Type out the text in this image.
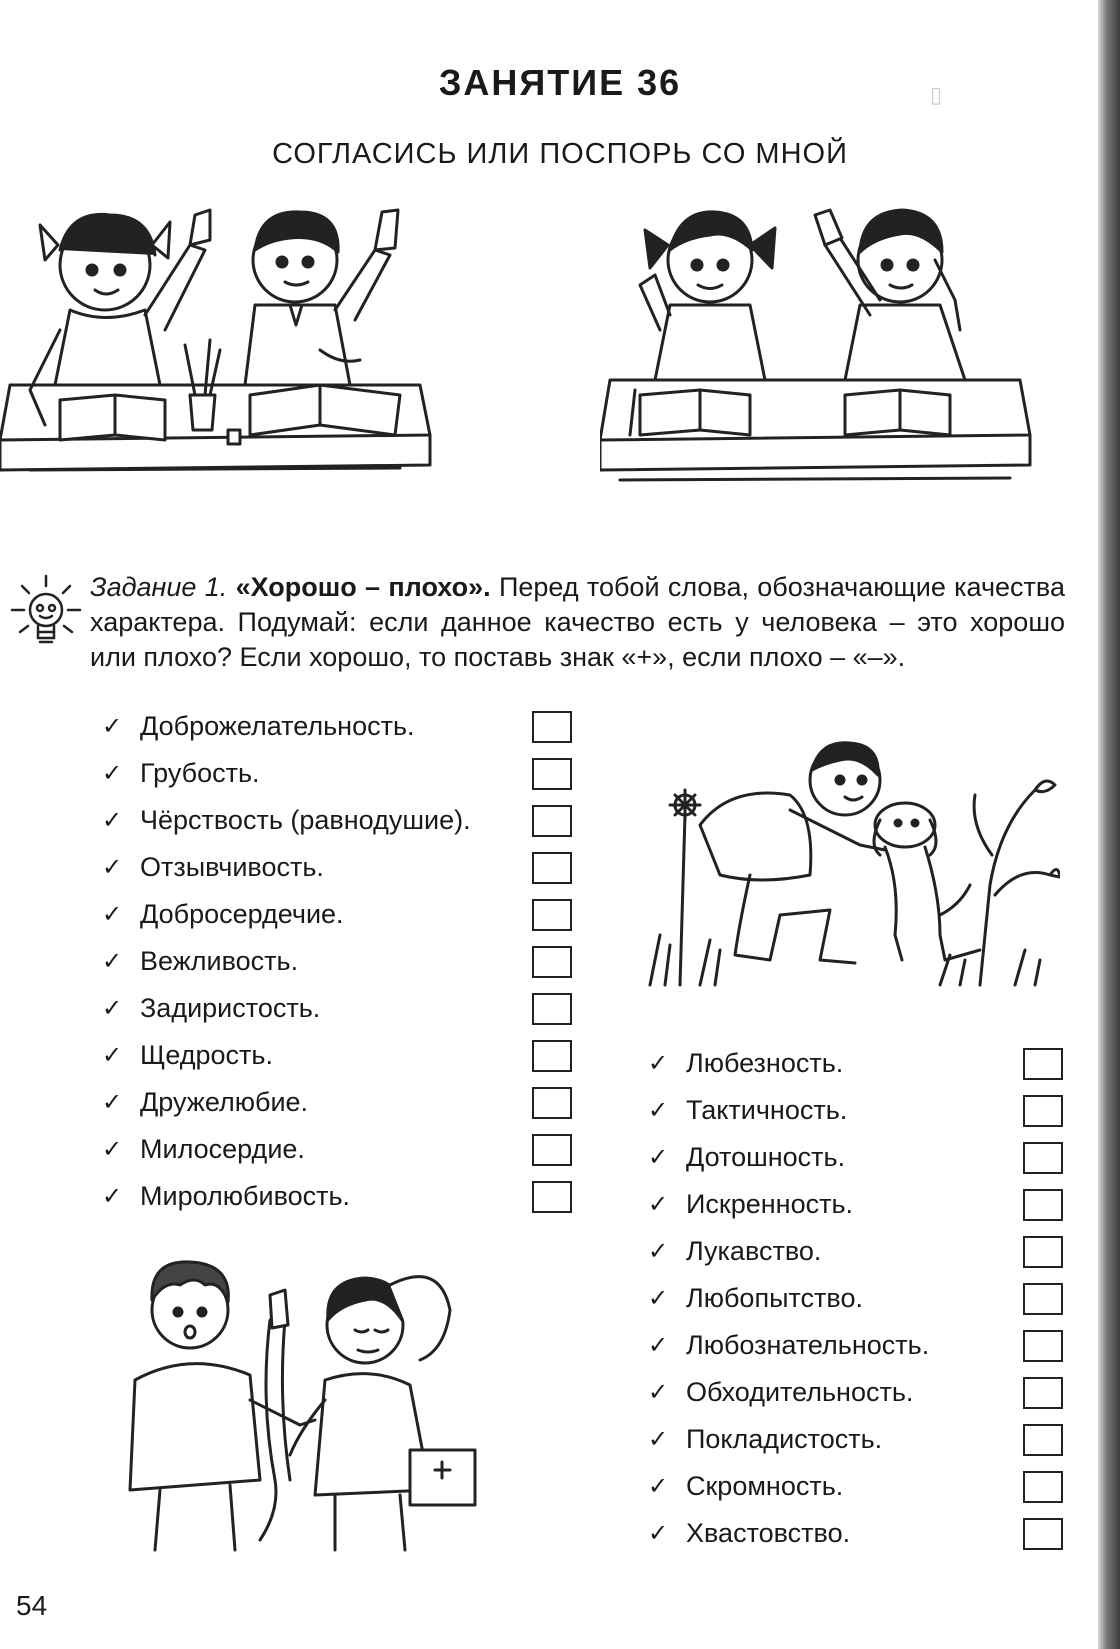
▯
ЗАНЯТИЕ 36
СОГЛАСИСЬ ИЛИ ПОСПОРЬ СО МНОЙ
Задание 1. «Хорошо – плохо». Перед тобой слова, обозначающие качества характера. Подумай: если данное качество есть у человека – это хорошо или плохо? Если хорошо, то поставь знак «+», если плохо – «–».
✓ Доброжелательность.
✓ Грубость.
✓ Чёрствость (равнодушие).
✓ Отзывчивость.
✓ Добросердечие.
✓ Вежливость.
✓ Задиристость.
✓ Щедрость.
✓ Дружелюбие.
✓ Милосердие.
✓ Миролюбивость.
✓ Любезность.
✓ Тактичность.
✓ Дотошность.
✓ Искренность.
✓ Лукавство.
✓ Любопытство.
✓ Любознательность.
✓ Обходительность.
✓ Покладистость.
✓ Скромность.
✓ Хвастовство.
54
